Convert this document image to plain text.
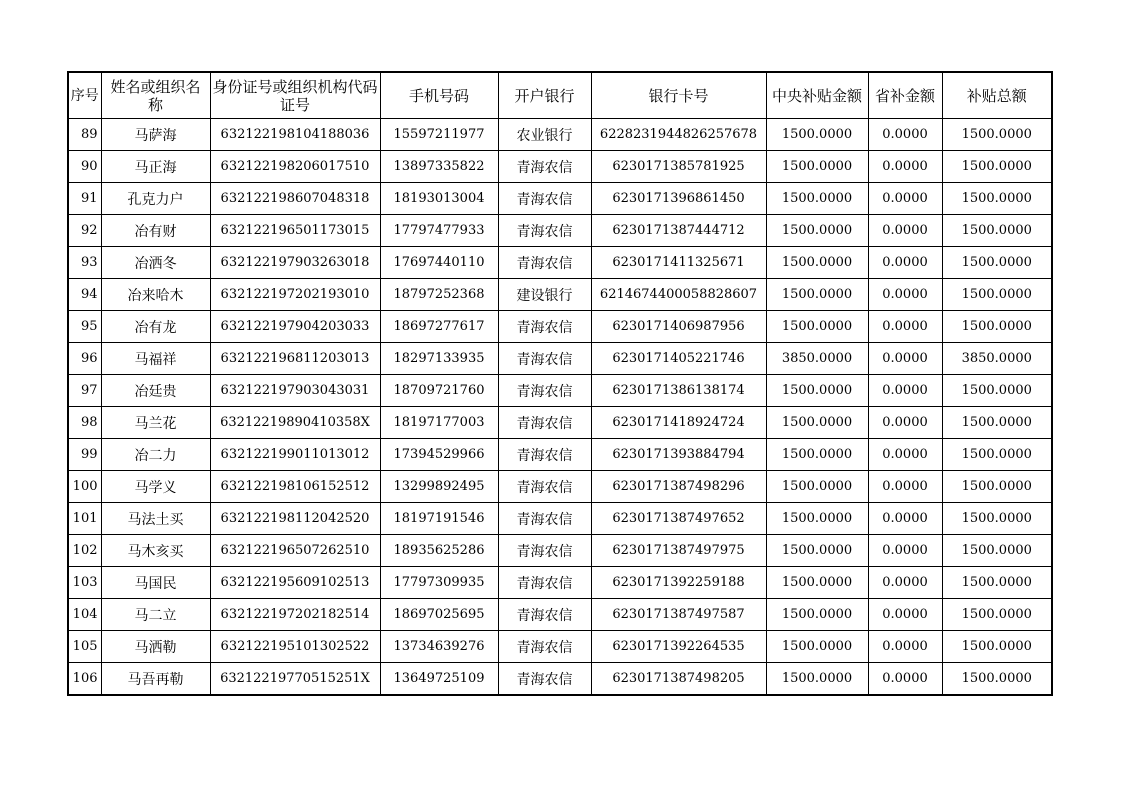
序号	姓名或组织名称	身份证号或组织机构代码证号	手机号码	开户银行	银行卡号	中央补贴金额	省补金额	补贴总额
89	马萨海	632122198104188036	15597211977	农业银行	6228231944826257678	1500.0000	0.0000	1500.0000
90	马正海	632122198206017510	13897335822	青海农信	6230171385781925	1500.0000	0.0000	1500.0000
91	孔克力户	632122198607048318	18193013004	青海农信	6230171396861450	1500.0000	0.0000	1500.0000
92	冶有财	632122196501173015	17797477933	青海农信	6230171387444712	1500.0000	0.0000	1500.0000
93	冶洒冬	632122197903263018	17697440110	青海农信	6230171411325671	1500.0000	0.0000	1500.0000
94	冶来哈木	632122197202193010	18797252368	建设银行	6214674400058828607	1500.0000	0.0000	1500.0000
95	冶有龙	632122197904203033	18697277617	青海农信	6230171406987956	1500.0000	0.0000	1500.0000
96	马福祥	632122196811203013	18297133935	青海农信	6230171405221746	3850.0000	0.0000	3850.0000
97	冶廷贵	632122197903043031	18709721760	青海农信	6230171386138174	1500.0000	0.0000	1500.0000
98	马兰花	63212219890410358X	18197177003	青海农信	6230171418924724	1500.0000	0.0000	1500.0000
99	冶二力	632122199011013012	17394529966	青海农信	6230171393884794	1500.0000	0.0000	1500.0000
100	马学义	632122198106152512	13299892495	青海农信	6230171387498296	1500.0000	0.0000	1500.0000
101	马法土买	632122198112042520	18197191546	青海农信	6230171387497652	1500.0000	0.0000	1500.0000
102	马木亥买	632122196507262510	18935625286	青海农信	6230171387497975	1500.0000	0.0000	1500.0000
103	马国民	632122195609102513	17797309935	青海农信	6230171392259188	1500.0000	0.0000	1500.0000
104	马二立	632122197202182514	18697025695	青海农信	6230171387497587	1500.0000	0.0000	1500.0000
105	马洒勒	632122195101302522	13734639276	青海农信	6230171392264535	1500.0000	0.0000	1500.0000
106	马吾再勒	63212219770515251X	13649725109	青海农信	6230171387498205	1500.0000	0.0000	1500.0000
